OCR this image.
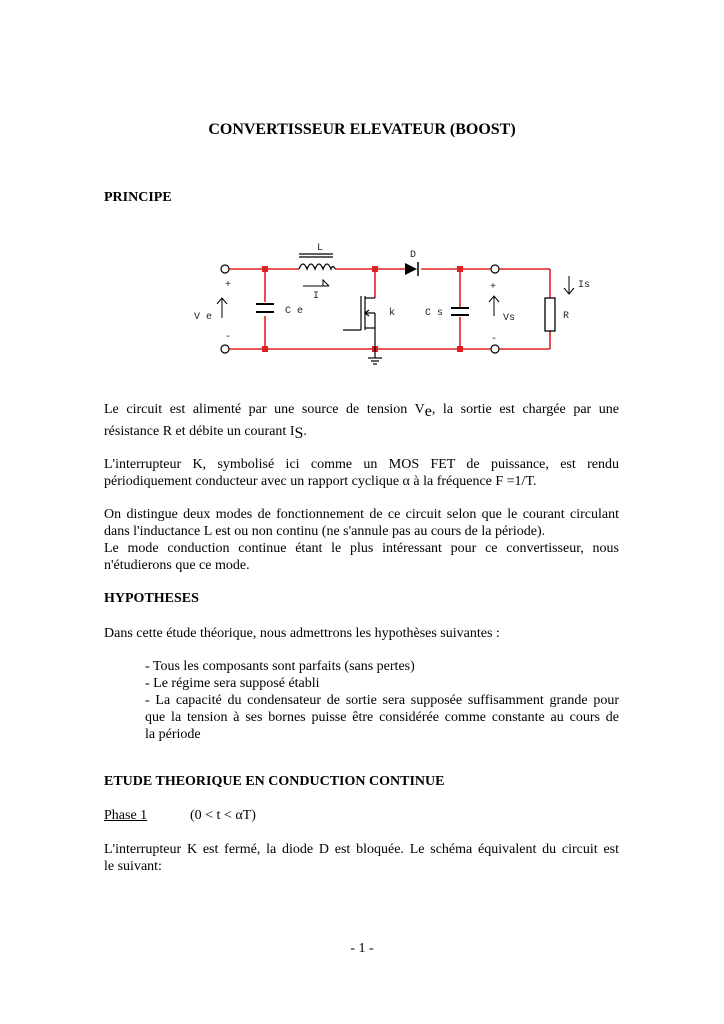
CONVERTISSEUR ELEVATEUR (BOOST)
PRINCIPE
L
I
D
C e
+
-
V e	k	C s
+
-
Vs	R
Is
Le circuit est alimenté par une source de tension Ve, la sortie est chargée par une
résistance R et débite un courant IS.
L'interrupteur K, symbolisé ici comme un MOS FET de puissance, est rendu
périodiquement conducteur avec un rapport cyclique α à la fréquence F =1/T.
On distingue deux modes de fonctionnement de ce circuit selon que le courant circulant
dans l'inductance L est ou non continu (ne s'annule pas au cours de la période).
Le mode conduction continue étant le plus intéressant pour ce convertisseur, nous
n'étudierons que ce mode.
HYPOTHESES
Dans cette étude théorique, nous admettrons les hypothèses suivantes :
- Tous les composants sont parfaits (sans pertes)
- Le régime sera supposé établi
- La capacité du condensateur de sortie sera supposée suffisamment grande pour
que la tension à ses bornes puisse être considérée comme constante au cours de
la période
ETUDE THEORIQUE EN CONDUCTION CONTINUE
Phase 1	(0 < t < αT)
L'interrupteur K est fermé, la diode D est bloquée. Le schéma équivalent du circuit est
le suivant:
- 1 -
